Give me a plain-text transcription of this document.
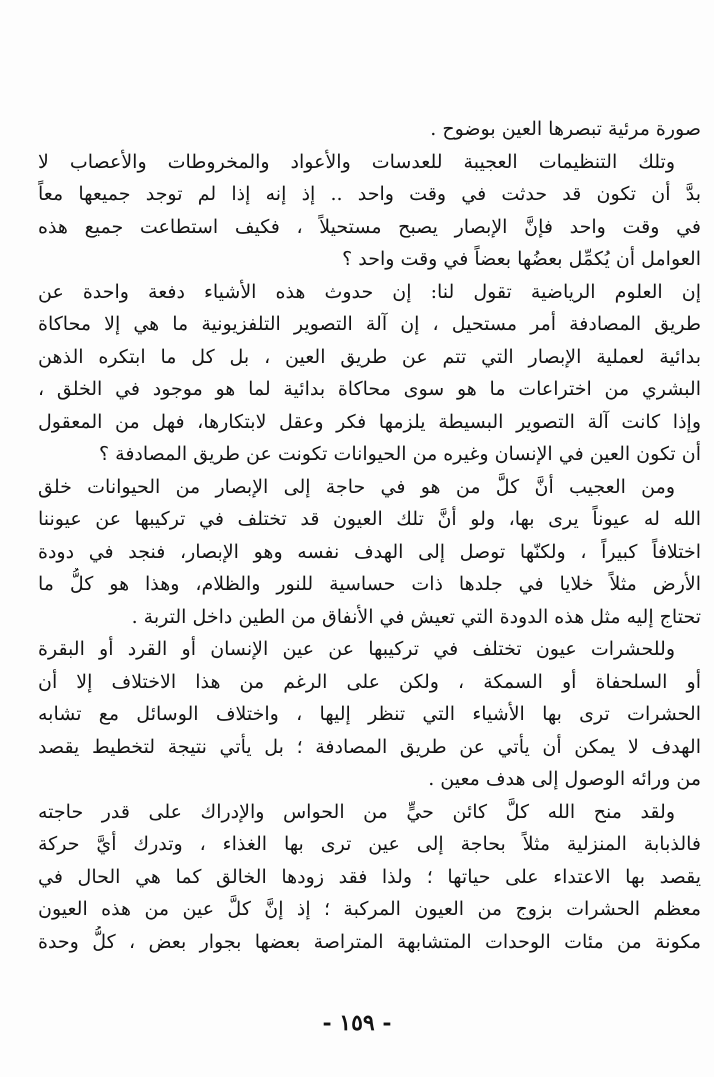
صورة مرئية تبصرها العين بوضوح .
وتلك التنظيمات العجيبة للعدسات والأعواد والمخروطات والأعصاب لا
بدَّ أن تكون قد حدثت في وقت واحد .. إذ إنه إذا لم توجد جميعها معاً
في وقت واحد فإنَّ الإبصار يصبح مستحيلاً ، فكيف استطاعت جميع هذه
العوامل أن يُكمِّل بعضُها بعضاً في وقت واحد ؟
إن العلوم الرياضية تقول لنا: إن حدوث هذه الأشياء دفعة واحدة عن
طريق المصادفة أمر مستحيل ، إن آلة التصوير التلفزيونية ما هي إلا محاكاة
بدائية لعملية الإبصار التي تتم عن طريق العين ، بل كل ما ابتكره الذهن
البشري من اختراعات ما هو سوى محاكاة بدائية لما هو موجود في الخلق ،
وإذا كانت آلة التصوير البسيطة يلزمها فكر وعقل لابتكارها، فهل من المعقول
أن تكون العين في الإنسان وغيره من الحيوانات تكونت عن طريق المصادفة ؟
ومن العجيب أنَّ كلَّ من هو في حاجة إلى الإبصار من الحيوانات خلق
الله له عيوناً يرى بها، ولو أنَّ تلك العيون قد تختلف في تركيبها عن عيوننا
اختلافاً كبيراً ، ولكنّها توصل إلى الهدف نفسه وهو الإبصار، فنجد في دودة
الأرض مثلاً خلايا في جلدها ذات حساسية للنور والظلام، وهذا هو كلُّ ما
تحتاج إليه مثل هذه الدودة التي تعيش في الأنفاق من الطين داخل التربة .
وللحشرات عيون تختلف في تركيبها عن عين الإنسان أو القرد أو البقرة
أو السلحفاة أو السمكة ، ولكن على الرغم من هذا الاختلاف إلا أن
الحشرات ترى بها الأشياء التي تنظر إليها ، واختلاف الوسائل مع تشابه
الهدف لا يمكن أن يأتي عن طريق المصادفة ؛ بل يأتي نتيجة لتخطيط يقصد
من ورائه الوصول إلى هدف معين .
ولقد منح الله كلَّ كائن حيٍّ من الحواس والإدراك على قدر حاجته
فالذبابة المنزلية مثلاً بحاجة إلى عين ترى بها الغذاء ، وتدرك أيَّ حركة
يقصد بها الاعتداء على حياتها ؛ ولذا فقد زودها الخالق كما هي الحال في
معظم الحشرات بزوج من العيون المركبة ؛ إذ إنَّ كلَّ عين من هذه العيون
مكونة من مئات الوحدات المتشابهة المتراصة بعضها بجوار بعض ، كلُّ وحدة
- ١٥٩ -
